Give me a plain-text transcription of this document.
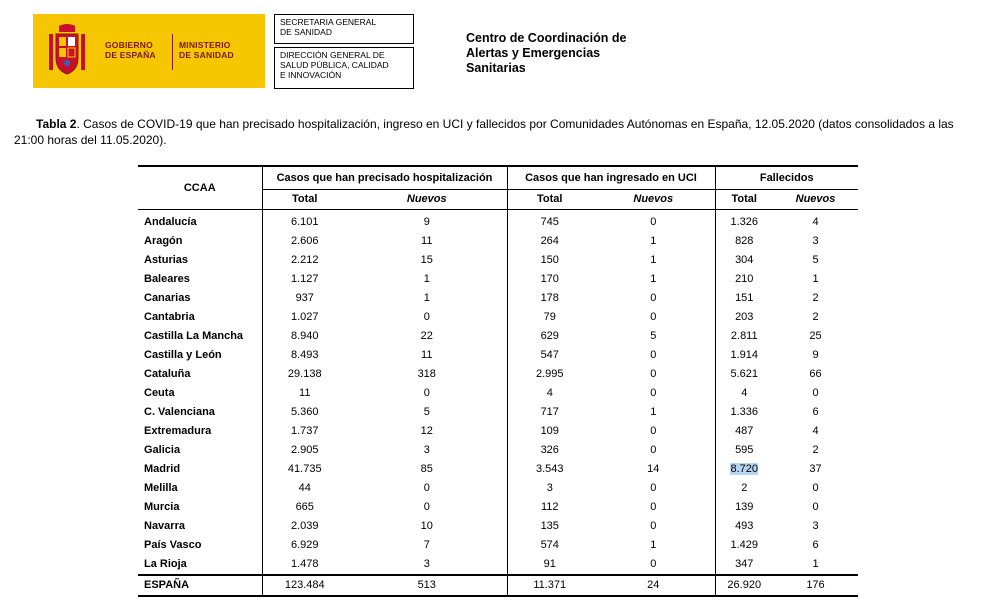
GOBIERNO
DE ESPAÑA
MINISTERIO
DE SANIDAD
SECRETARIA GENERAL
DE SANIDAD
DIRECCIÓN GENERAL DE
SALUD PÚBLICA, CALIDAD
E INNOVACIÓN
Centro de Coordinación de
Alertas y Emergencias
Sanitarias
Tabla 2. Casos de COVID-19 que han precisado hospitalización, ingreso en UCI y fallecidos por Comunidades Autónomas en España, 12.05.2020 (datos consolidados a las 21:00 horas del 11.05.2020).
CCAA	Casos que han precisado hospitalización		Casos que han ingresado en UCI		Fallecidos	
	Total	Nuevos	Total	Nuevos	Total	Nuevos
Andalucía	6.101	9	745	0	1.326	4
Aragón	2.606	11	264	1	828	3
Asturias	2.212	15	150	1	304	5
Baleares	1.127	1	170	1	210	1
Canarias	937	1	178	0	151	2
Cantabria	1.027	0	79	0	203	2
Castilla La Mancha	8.940	22	629	5	2.811	25
Castilla y León	8.493	11	547	0	1.914	9
Cataluña	29.138	318	2.995	0	5.621	66
Ceuta	11	0	4	0	4	0
C. Valenciana	5.360	5	717	1	1.336	6
Extremadura	1.737	12	109	0	487	4
Galicia	2.905	3	326	0	595	2
Madrid	41.735	85	3.543	14	8.720	37
Melilla	44	0	3	0	2	0
Murcia	665	0	112	0	139	0
Navarra	2.039	10	135	0	493	3
País Vasco	6.929	7	574	1	1.429	6
La Rioja	1.478	3	91	0	347	1
ESPAÑA	123.484	513	11.371	24	26.920	176
